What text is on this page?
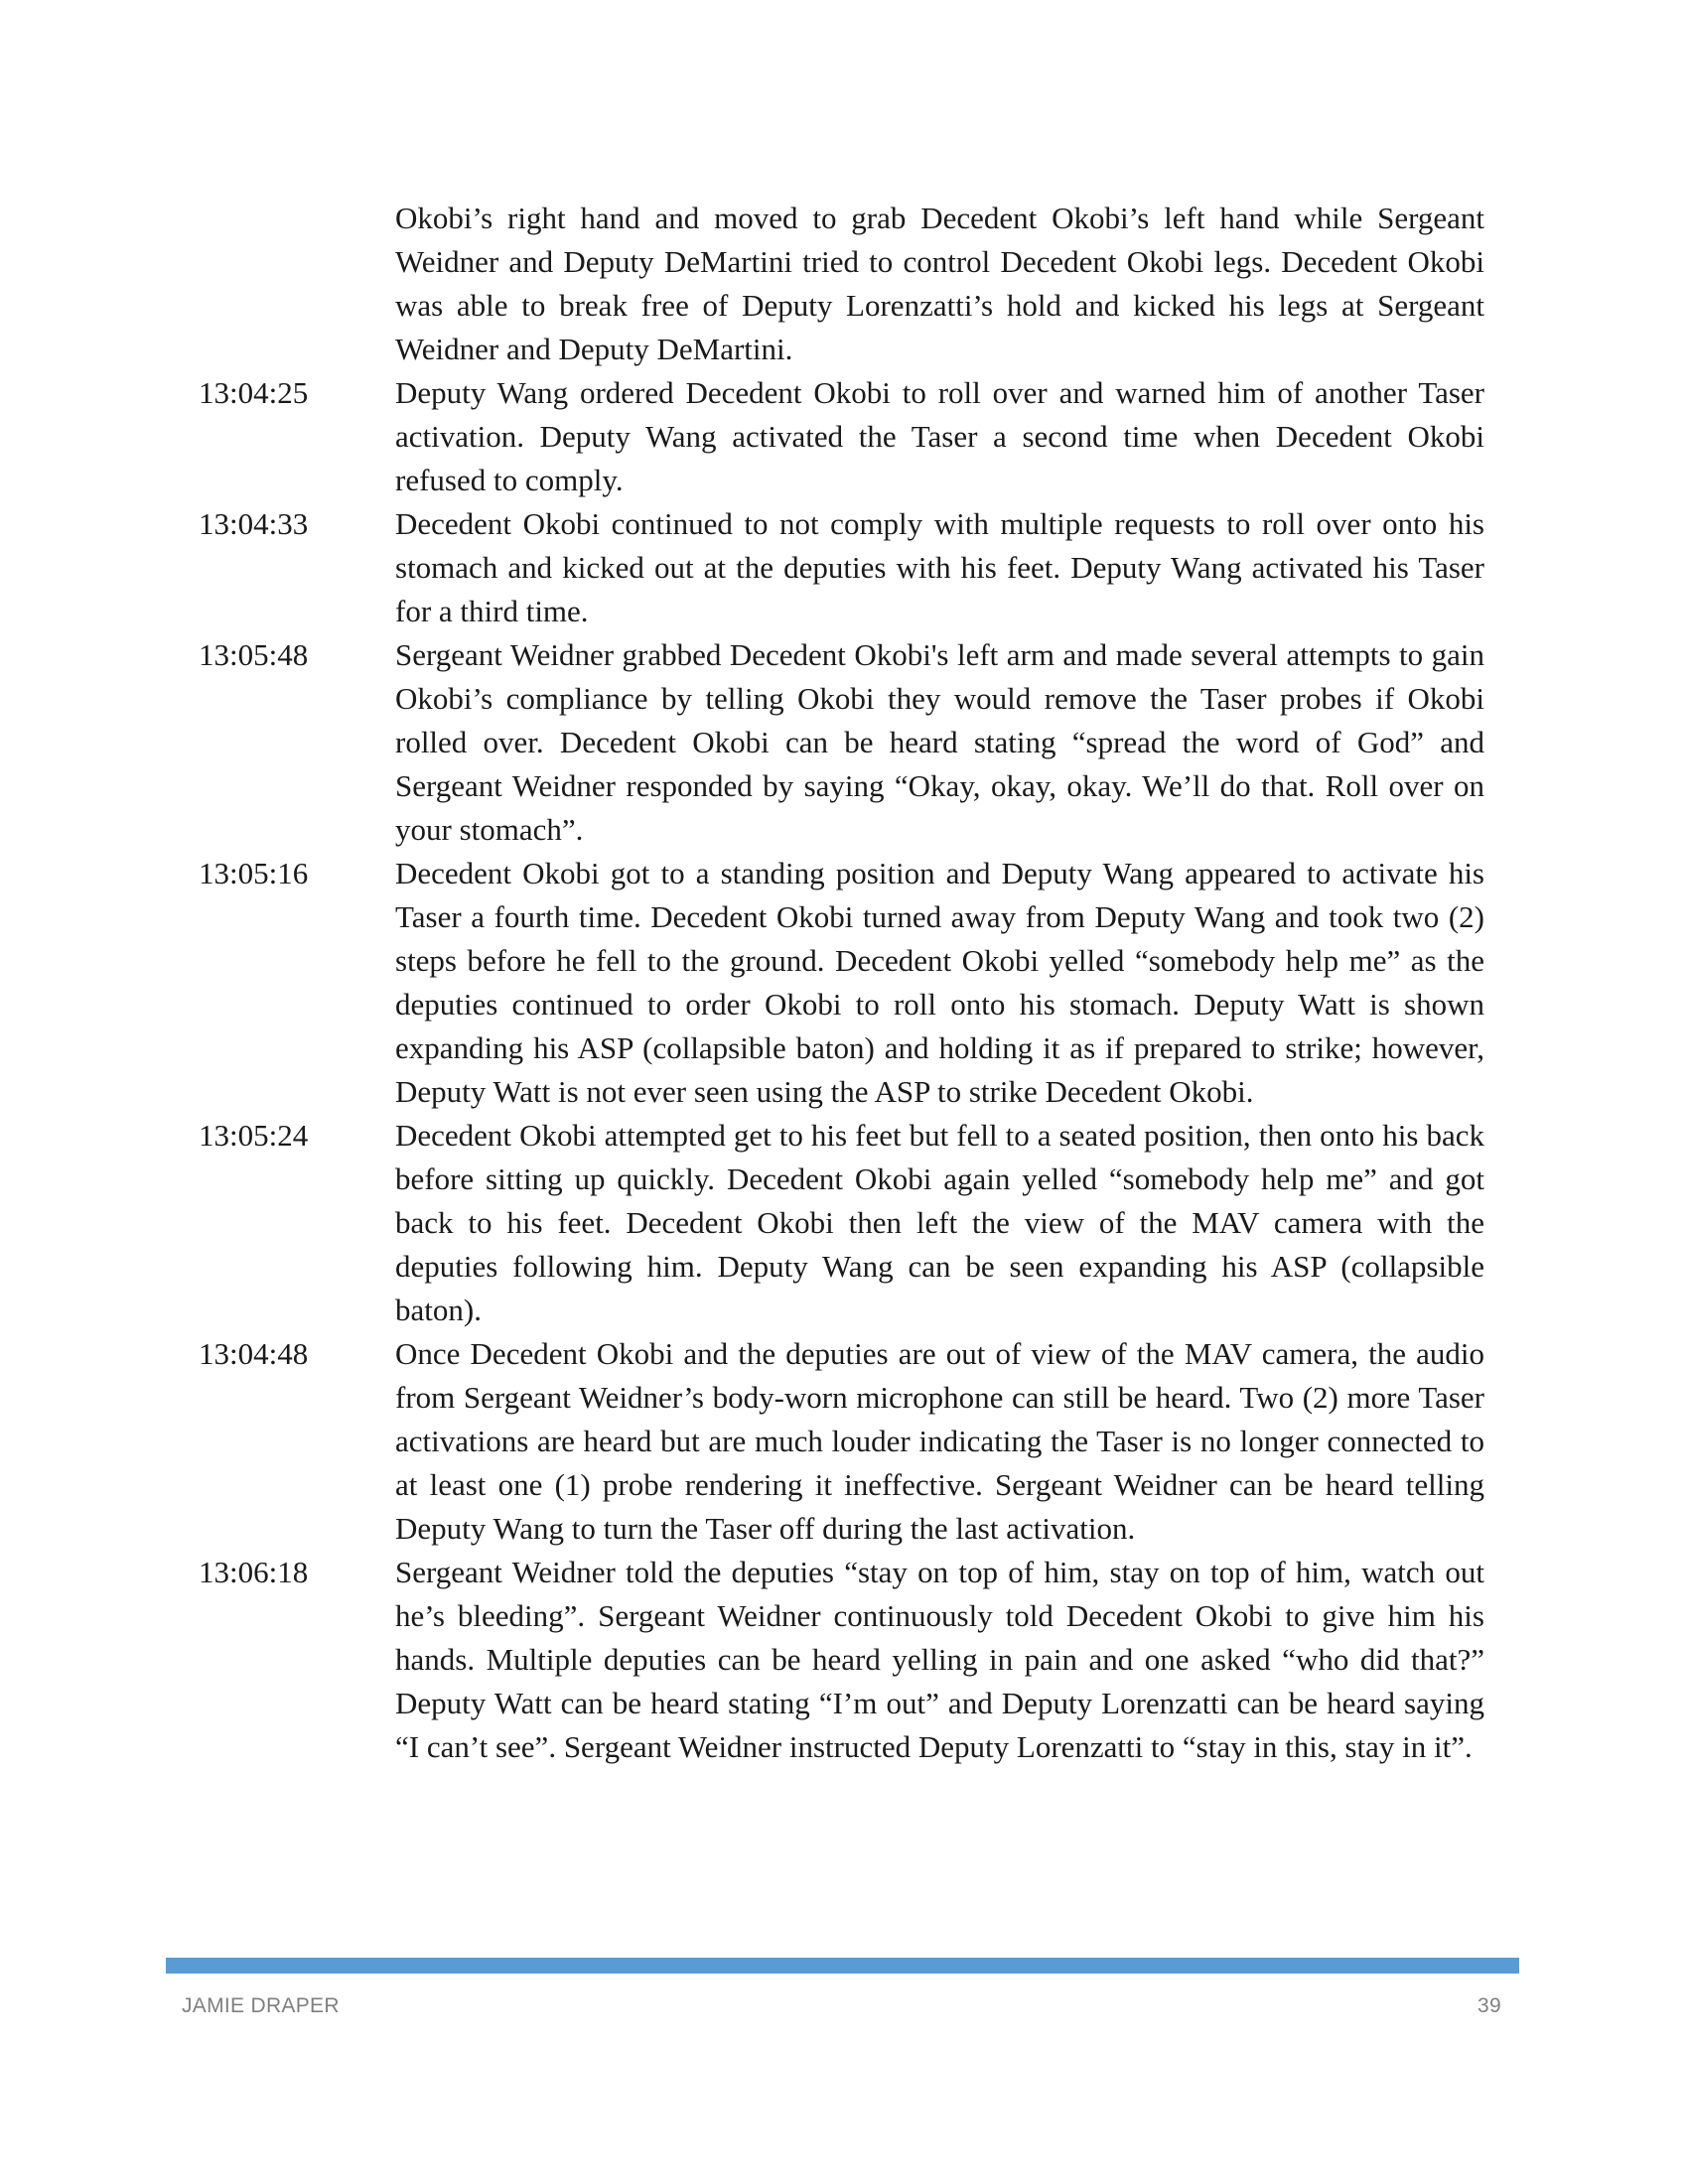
Okobi’s right hand and moved to grab Decedent Okobi’s left hand while Sergeant Weidner and Deputy DeMartini tried to control Decedent Okobi legs. Decedent Okobi was able to break free of Deputy Lorenzatti’s hold and kicked his legs at Sergeant Weidner and Deputy DeMartini.

13:04:25	Deputy Wang ordered Decedent Okobi to roll over and warned him of another Taser activation. Deputy Wang activated the Taser a second time when Decedent Okobi refused to comply.

13:04:33	Decedent Okobi continued to not comply with multiple requests to roll over onto his stomach and kicked out at the deputies with his feet. Deputy Wang activated his Taser for a third time.

13:05:48	Sergeant Weidner grabbed Decedent Okobi's left arm and made several attempts to gain Okobi’s compliance by telling Okobi they would remove the Taser probes if Okobi rolled over. Decedent Okobi can be heard stating “spread the word of God” and Sergeant Weidner responded by saying “Okay, okay, okay. We’ll do that. Roll over on your stomach”.

13:05:16	Decedent Okobi got to a standing position and Deputy Wang appeared to activate his Taser a fourth time. Decedent Okobi turned away from Deputy Wang and took two (2) steps before he fell to the ground. Decedent Okobi yelled “somebody help me” as the deputies continued to order Okobi to roll onto his stomach. Deputy Watt is shown expanding his ASP (collapsible baton) and holding it as if prepared to strike; however, Deputy Watt is not ever seen using the ASP to strike Decedent Okobi.

13:05:24	Decedent Okobi attempted get to his feet but fell to a seated position, then onto his back before sitting up quickly. Decedent Okobi again yelled “somebody help me” and got back to his feet. Decedent Okobi then left the view of the MAV camera with the deputies following him. Deputy Wang can be seen expanding his ASP (collapsible baton).

13:04:48	Once Decedent Okobi and the deputies are out of view of the MAV camera, the audio from Sergeant Weidner’s body-worn microphone can still be heard. Two (2) more Taser activations are heard but are much louder indicating the Taser is no longer connected to at least one (1) probe rendering it ineffective. Sergeant Weidner can be heard telling Deputy Wang to turn the Taser off during the last activation.

13:06:18	Sergeant Weidner told the deputies “stay on top of him, stay on top of him, watch out he’s bleeding”. Sergeant Weidner continuously told Decedent Okobi to give him his hands. Multiple deputies can be heard yelling in pain and one asked “who did that?” Deputy Watt can be heard stating “I’m out” and Deputy Lorenzatti can be heard saying “I can’t see”. Sergeant Weidner instructed Deputy Lorenzatti to “stay in this, stay in it”.

JAMIE DRAPER	39
